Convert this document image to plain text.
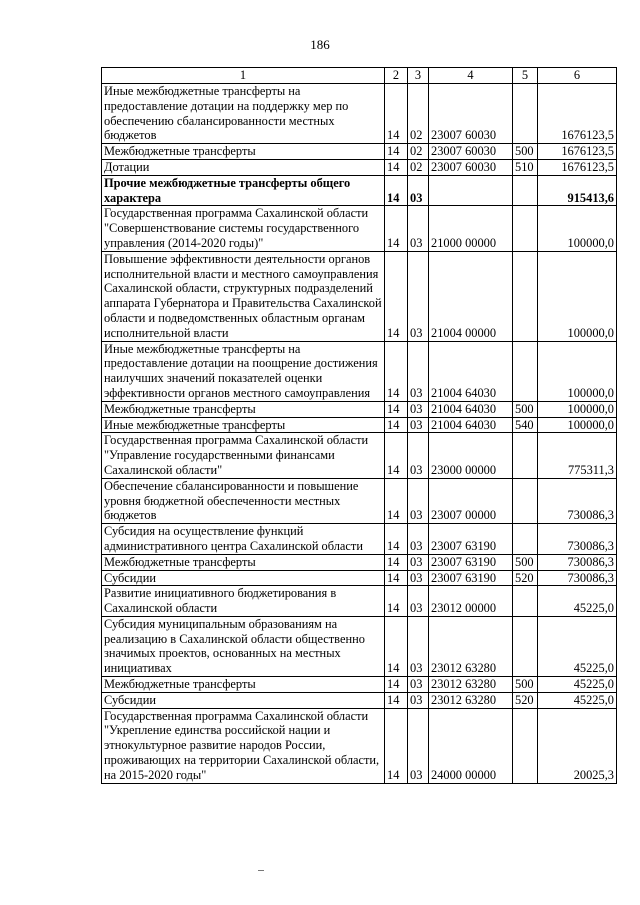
186
1	2	3	4	5	6
Иные межбюджетные трансферты на предоставление дотации на поддержку мер по обеспечению сбалансированности местных бюджетов	14	02	23007 60030		1676123,5
Межбюджетные трансферты	14	02	23007 60030	500	1676123,5
Дотации	14	02	23007 60030	510	1676123,5
Прочие межбюджетные трансферты общего характера	14	03			915413,6
Государственная программа Сахалинской области "Совершенствование системы государственного управления (2014-2020 годы)"	14	03	21000 00000		100000,0
Повышение эффективности деятельности органов исполнительной власти и местного самоуправления Сахалинской области, структурных подразделений аппарата Губернатора и Правительства Сахалинской области и подведомственных областным органам исполнительной власти	14	03	21004 00000		100000,0
Иные межбюджетные трансферты на предоставление дотации на поощрение достижения наилучших значений показателей оценки эффективности органов местного самоуправления	14	03	21004 64030		100000,0
Межбюджетные трансферты	14	03	21004 64030	500	100000,0
Иные межбюджетные трансферты	14	03	21004 64030	540	100000,0
Государственная программа Сахалинской области "Управление государственными финансами Сахалинской области"	14	03	23000 00000		775311,3
Обеспечение сбалансированности и повышение уровня бюджетной обеспеченности местных бюджетов	14	03	23007 00000		730086,3
Субсидия на осуществление функций административного центра Сахалинской области	14	03	23007 63190		730086,3
Межбюджетные трансферты	14	03	23007 63190	500	730086,3
Субсидии	14	03	23007 63190	520	730086,3
Развитие инициативного бюджетирования в Сахалинской области	14	03	23012 00000		45225,0
Субсидия муниципальным образованиям на реализацию в Сахалинской области общественно значимых проектов, основанных на местных инициативах	14	03	23012 63280		45225,0
Межбюджетные трансферты	14	03	23012 63280	500	45225,0
Субсидии	14	03	23012 63280	520	45225,0
Государственная программа Сахалинской области "Укрепление единства российской нации и этнокультурное развитие народов России, проживающих на территории Сахалинской области, на 2015-2020 годы"	14	03	24000 00000		20025,3
